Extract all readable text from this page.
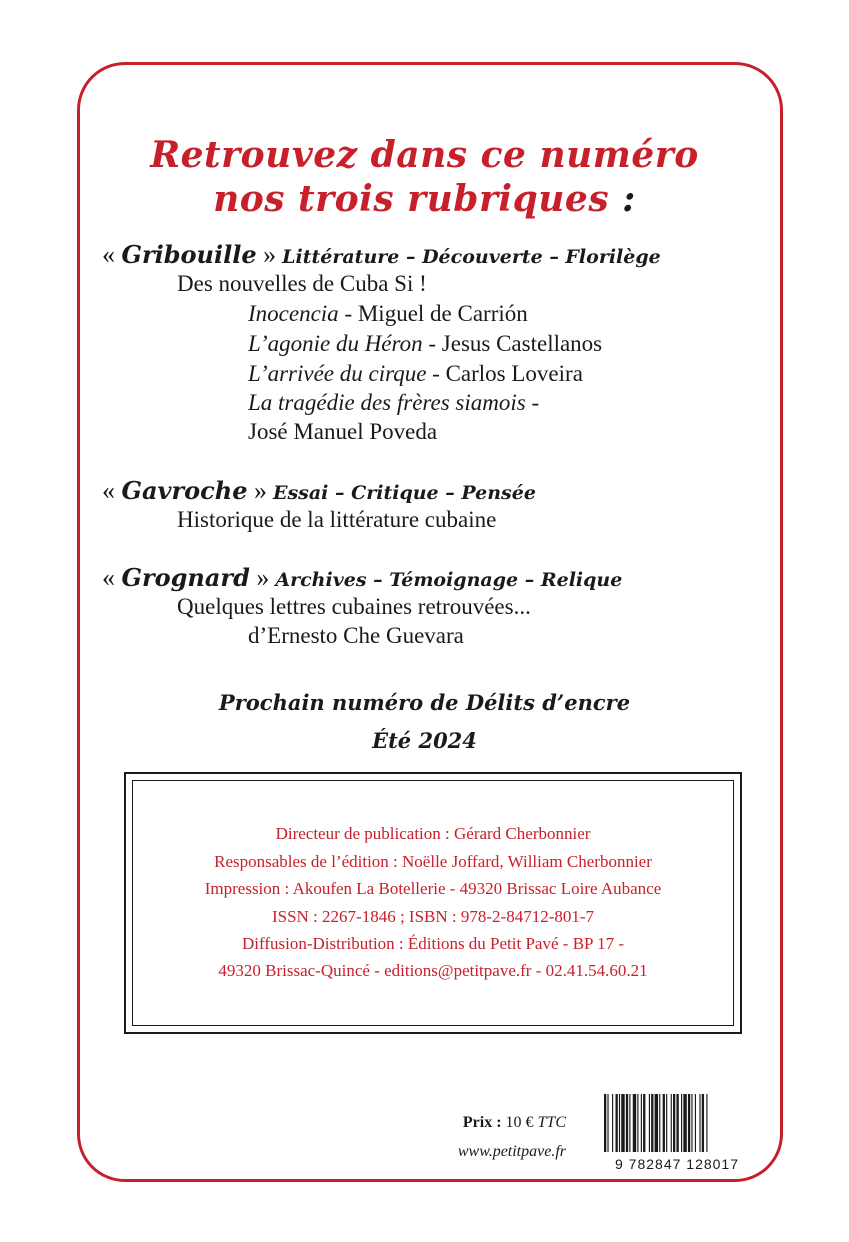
Retrouvez dans ce numéro
nos trois rubriques :
« Gribouille » Littérature – Découverte – Florilège
Des nouvelles de Cuba Si !
Inocencia - Miguel de Carrión
L’agonie du Héron - Jesus Castellanos
L’arrivée du cirque - Carlos Loveira
La tragédie des frères siamois -
José Manuel Poveda
« Gavroche » Essai – Critique – Pensée
Historique de la littérature cubaine
« Grognard » Archives – Témoignage – Relique
Quelques lettres cubaines retrouvées...
d’Ernesto Che Guevara
Prochain numéro de Délits d’encre
Été 2024
Directeur de publication : Gérard Cherbonnier
Responsables de l’édition : Noëlle Joffard, William Cherbonnier
Impression : Akoufen La Botellerie - 49320 Brissac Loire Aubance
ISSN : 2267-1846 ; ISBN : 978-2-84712-801-7
Diffusion-Distribution : Éditions du Petit Pavé - BP 17 -
49320 Brissac-Quincé - editions@petitpave.fr - 02.41.54.60.21
Prix : 10 € TTC
www.petitpave.fr
9 782847 128017
